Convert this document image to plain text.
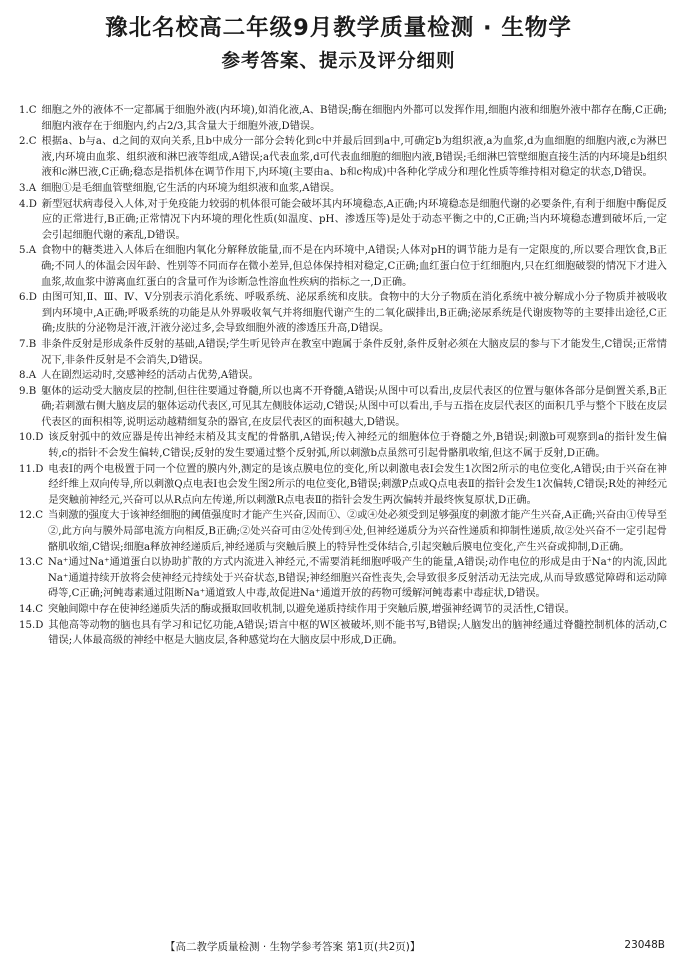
豫北名校高二年级9月教学质量检测 · 生物学
参考答案、提示及评分细则
1.C 细胞之外的液体不一定都属于细胞外液(内环境),如消化液,A、B错误;酶在细胞内外都可以发挥作用,细胞内液和细胞外液中都存在酶,C正确;细胞内液存在于细胞内,约占2/3,其含量大于细胞外液,D错误。
2.C 根据a、b与a、d之间的双向关系,且b中成分一部分会转化到c中并最后回到a中,可确定b为组织液,a为血浆,d为血细胞的细胞内液,c为淋巴液,内环境由血浆、组织液和淋巴液等组成,A错误;a代表血浆,d可代表血细胞的细胞内液,B错误;毛细淋巴管壁细胞直接生活的内环境是b组织液和c淋巴液,C正确;稳态是指机体在调节作用下,内环境(主要由a、b和c构成)中各种化学成分和理化性质等维持相对稳定的状态,D错误。
3.A 细胞①是毛细血管壁细胞,它生活的内环境为组织液和血浆,A错误。
4.D 新型冠状病毒侵入人体,对于免疫能力较弱的机体很可能会破坏其内环境稳态,A正确;内环境稳态是细胞代谢的必要条件,有利于细胞中酶促反应的正常进行,B正确;正常情况下内环境的理化性质(如温度、pH、渗透压等)是处于动态平衡之中的,C正确;当内环境稳态遭到破坏后,一定会引起细胞代谢的紊乱,D错误。
5.A 食物中的糖类进入人体后在细胞内氧化分解释放能量,而不是在内环境中,A错误;人体对pH的调节能力是有一定限度的,所以要合理饮食,B正确;不同人的体温会因年龄、性别等不同而存在微小差异,但总体保持相对稳定,C正确;血红蛋白位于红细胞内,只在红细胞破裂的情况下才进入血浆,故血浆中游离血红蛋白的含量可作为诊断急性溶血性疾病的指标之一,D正确。
6.D 由图可知,Ⅱ、Ⅲ、Ⅳ、Ⅴ分别表示消化系统、呼吸系统、泌尿系统和皮肤。食物中的大分子物质在消化系统中被分解成小分子物质并被吸收到内环境中,A正确;呼吸系统的功能是从外界吸收氧气并将细胞代谢产生的二氧化碳排出,B正确;泌尿系统是代谢废物等的主要排出途径,C正确;皮肤的分泌物是汗液,汗液分泌过多,会导致细胞外液的渗透压升高,D错误。
7.B 非条件反射是形成条件反射的基础,A错误;学生听见铃声在教室中跑属于条件反射,条件反射必须在大脑皮层的参与下才能发生,C错误;正常情况下,非条件反射是不会消失,D错误。
8.A 人在剧烈运动时,交感神经的活动占优势,A错误。
9.B 躯体的运动受大脑皮层的控制,但往往要通过脊髓,所以也离不开脊髓,A错误;从图中可以看出,皮层代表区的位置与躯体各部分是倒置关系,B正确;若刺激右侧大脑皮层的躯体运动代表区,可见其左侧肢体运动,C错误;从图中可以看出,手与五指在皮层代表区的面积几乎与整个下肢在皮层代表区的面积相等,说明运动越精细复杂的器官,在皮层代表区的面积越大,D错误。
10.D 该反射弧中的效应器是传出神经末梢及其支配的骨骼肌,A错误;传入神经元的细胞体位于脊髓之外,B错误;刺激b可观察到a的指针发生偏转,c的指针不会发生偏转,C错误;反射的发生要通过整个反射弧,所以刺激b点虽然可引起骨骼肌收缩,但这不属于反射,D正确。
11.D 电表Ⅰ的两个电极置于同一个位置的膜内外,测定的是该点膜电位的变化,所以刺激电表Ⅰ会发生1次图2所示的电位变化,A错误;由于兴奋在神经纤维上双向传导,所以刺激Q点电表Ⅰ也会发生图2所示的电位变化,B错误;刺激P点或Q点电表Ⅱ的指针会发生1次偏转,C错误;R处的神经元是突触前神经元,兴奋可以从R点向左传递,所以刺激R点电表Ⅱ的指针会发生两次偏转并最终恢复原状,D正确。
12.C 当刺激的强度大于该神经细胞的阈值强度时才能产生兴奋,因而①、②或④处必须受到足够强度的刺激才能产生兴奋,A正确;兴奋由①传导至②,此方向与膜外局部电流方向相反,B正确;②处兴奋可由②处传到④处,但神经递质分为兴奋性递质和抑制性递质,故②处兴奋不一定引起骨骼肌收缩,C错误;细胞a释放神经递质后,神经递质与突触后膜上的特异性受体结合,引起突触后膜电位变化,产生兴奋或抑制,D正确。
13.C Na⁺通过Na⁺通道蛋白以协助扩散的方式内流进入神经元,不需要消耗细胞呼吸产生的能量,A错误;动作电位的形成是由于Na⁺的内流,因此Na⁺通道持续开放将会使神经元持续处于兴奋状态,B错误;神经细胞兴奋性丧失,会导致很多反射活动无法完成,从而导致感觉障碍和运动障碍等,C正确;河鲀毒素通过阻断Na⁺通道致人中毒,故促进Na⁺通道开放的药物可缓解河鲀毒素中毒症状,D错误。
14.C 突触间隙中存在使神经递质失活的酶或摄取回收机制,以避免递质持续作用于突触后膜,增强神经调节的灵活性,C错误。
15.D 其他高等动物的脑也具有学习和记忆功能,A错误;语言中枢的W区被破坏,则不能书写,B错误;人脑发出的脑神经通过脊髓控制机体的活动,C错误;人体最高级的神经中枢是大脑皮层,各种感觉均在大脑皮层中形成,D正确。
【高二教学质量检测 · 生物学参考答案 第1页(共2页)】	23048B
